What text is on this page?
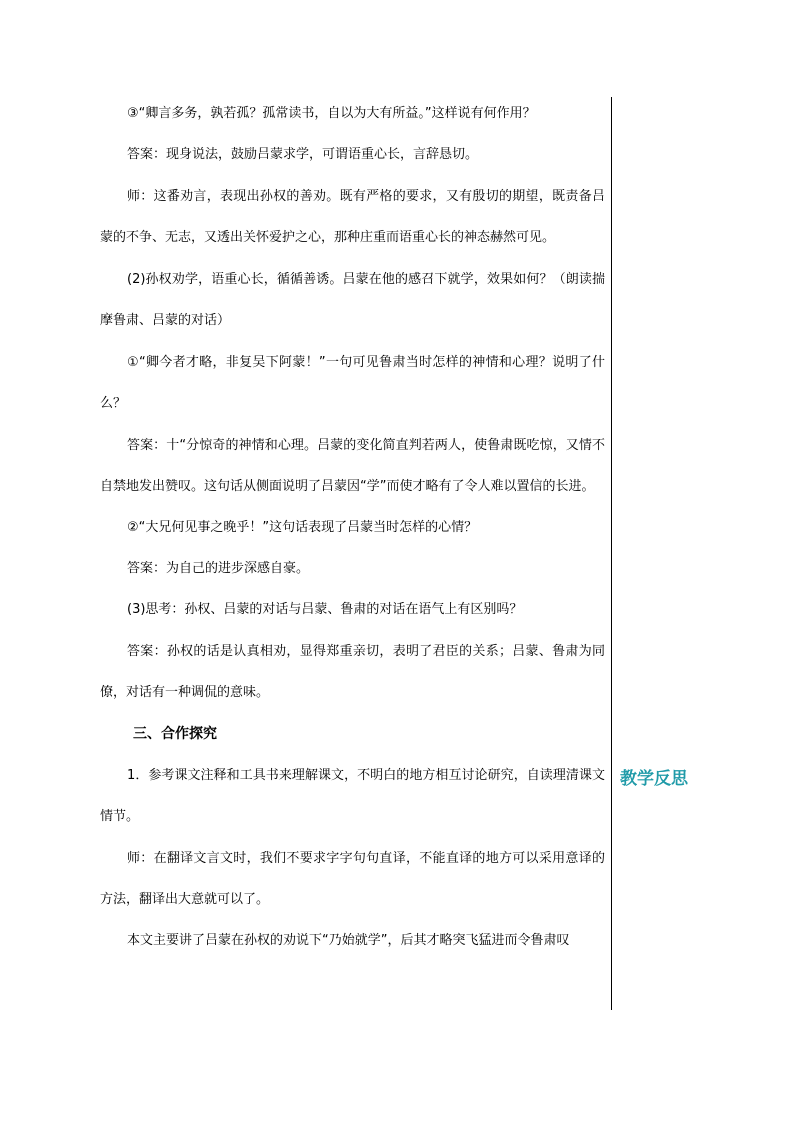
③“卿言多务，孰若孤？孤常读书，自以为大有所益。”这样说有何作用？

答案：现身说法，鼓励吕蒙求学，可谓语重心长，言辞恳切。

师：这番劝言，表现出孙权的善劝。既有严格的要求，又有殷切的期望，既责备吕蒙的不争、无志，又透出关怀爱护之心，那种庄重而语重心长的神态赫然可见。

(2)孙权劝学，语重心长，循循善诱。吕蒙在他的感召下就学，效果如何？（朗读揣摩鲁肃、吕蒙的对话）

①“卿今者才略，非复吴下阿蒙！”一句可见鲁肃当时怎样的神情和心理？说明了什么？

答案：十“分惊奇的神情和心理。吕蒙的变化简直判若两人，使鲁肃既吃惊，又情不自禁地发出赞叹。这句话从侧面说明了吕蒙因“学”而使才略有了令人难以置信的长进。

②“大兄何见事之晚乎！”这句话表现了吕蒙当时怎样的心情？

答案：为自己的进步深感自豪。

(3)思考：孙权、吕蒙的对话与吕蒙、鲁肃的对话在语气上有区别吗？

答案：孙权的话是认真相劝，显得郑重亲切，表明了君臣的关系；吕蒙、鲁肃为同僚，对话有一种调侃的意味。

三、合作探究

1．参考课文注释和工具书来理解课文，不明白的地方相互讨论研究，自读理清课文情节。

师：在翻译文言文时，我们不要求字字句句直译，不能直译的地方可以采用意译的方法，翻译出大意就可以了。

本文主要讲了吕蒙在孙权的劝说下“乃始就学”，后其才略突飞猛进而令鲁肃叹

教学反思
